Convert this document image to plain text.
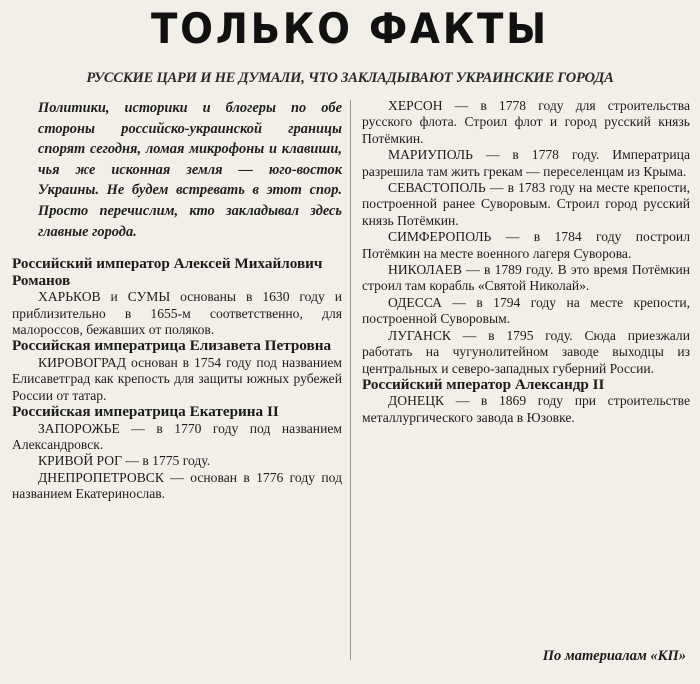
ТОЛЬКО ФАКТЫ
РУССКИЕ ЦАРИ И НЕ ДУМАЛИ, ЧТО ЗАКЛАДЫВАЮТ УКРАИНСКИЕ ГОРОДА

Политики, историки и блогеры по обе стороны российско-украинской границы спорят сегодня, ломая микрофоны и клавиши, чья же исконная земля — юго-восток Украины. Не будем встревать в этот спор. Просто перечислим, кто закладывал здесь главные города.

Российский император Алексей Михайлович Романов

ХАРЬКОВ и СУМЫ основаны в 1630 году и приблизительно в 1655-м соответственно, для малороссов, бежавших от поляков.

Российская императрица Елизавета Петровна

КИРОВОГРАД основан в 1754 году под названием Елисаветград как крепость для защиты южных рубежей России от татар.

Российская императрица Екатерина II

ЗАПОРОЖЬЕ — в 1770 году под названием Александровск.

КРИВОЙ РОГ — в 1775 году.

ДНЕПРОПЕТРОВСК — основан в 1776 году под названием Екатеринослав.

ХЕРСОН — в 1778 году для строительства русского флота. Строил флот и город русский князь Потёмкин.

МАРИУПОЛЬ — в 1778 году. Императрица разрешила там жить грекам — переселенцам из Крыма.

СЕВАСТОПОЛЬ — в 1783 году на месте крепости, построенной ранее Суворовым. Строил город русский князь Потёмкин.

СИМФЕРОПОЛЬ — в 1784 году построил Потёмкин на месте военного лагеря Суворова.

НИКОЛАЕВ — в 1789 году. В это время Потёмкин строил там корабль «Святой Николай».

ОДЕССА — в 1794 году на месте крепости, построенной Суворовым.

ЛУГАНСК — в 1795 году. Сюда приезжали работать на чугунолитейном заводе выходцы из центральных и северо-западных губерний России.

Российский мператор Александр II

ДОНЕЦК — в 1869 году при строительстве металлургического завода в Юзовке.

По материалам «КП»
